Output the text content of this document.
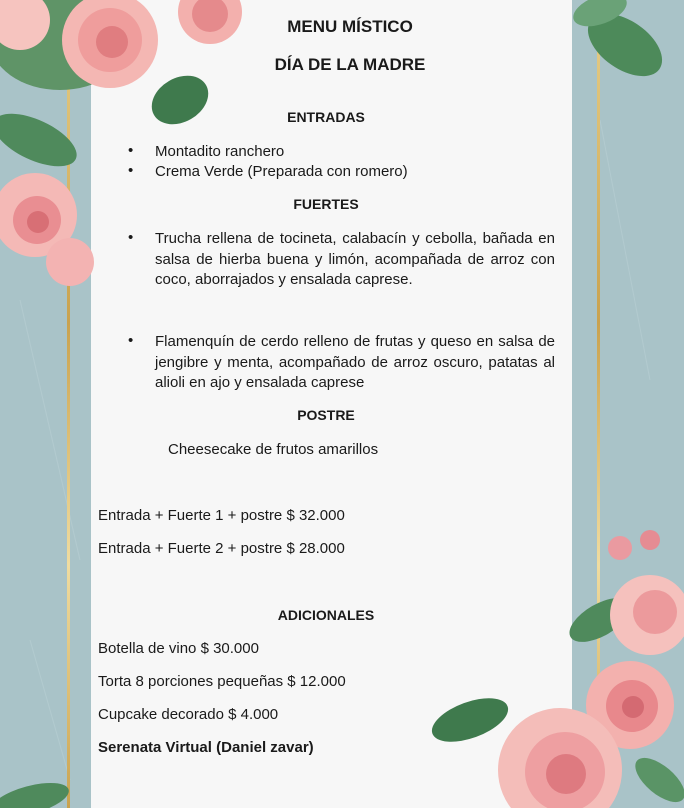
MENU MÍSTICO
DÍA DE LA MADRE
ENTRADAS
• Montadito ranchero
• Crema Verde (Preparada con romero)
FUERTES
• Trucha rellena de tocineta, calabacín y cebolla, bañada en salsa de hierba buena y limón, acompañada de arroz con coco, aborrajados y ensalada caprese.
• Flamenquín de cerdo relleno de frutas y queso en salsa de jengibre y menta, acompañado de arroz oscuro, patatas al alioli en ajo y ensalada caprese
POSTRE
Cheesecake de frutos amarillos
Entrada + Fuerte 1 + postre $ 32.000
Entrada + Fuerte 2 + postre $ 28.000
ADICIONALES
Botella de vino $ 30.000
Torta 8 porciones pequeñas $ 12.000
Cupcake decorado $ 4.000
Serenata Virtual (Daniel zavar)
